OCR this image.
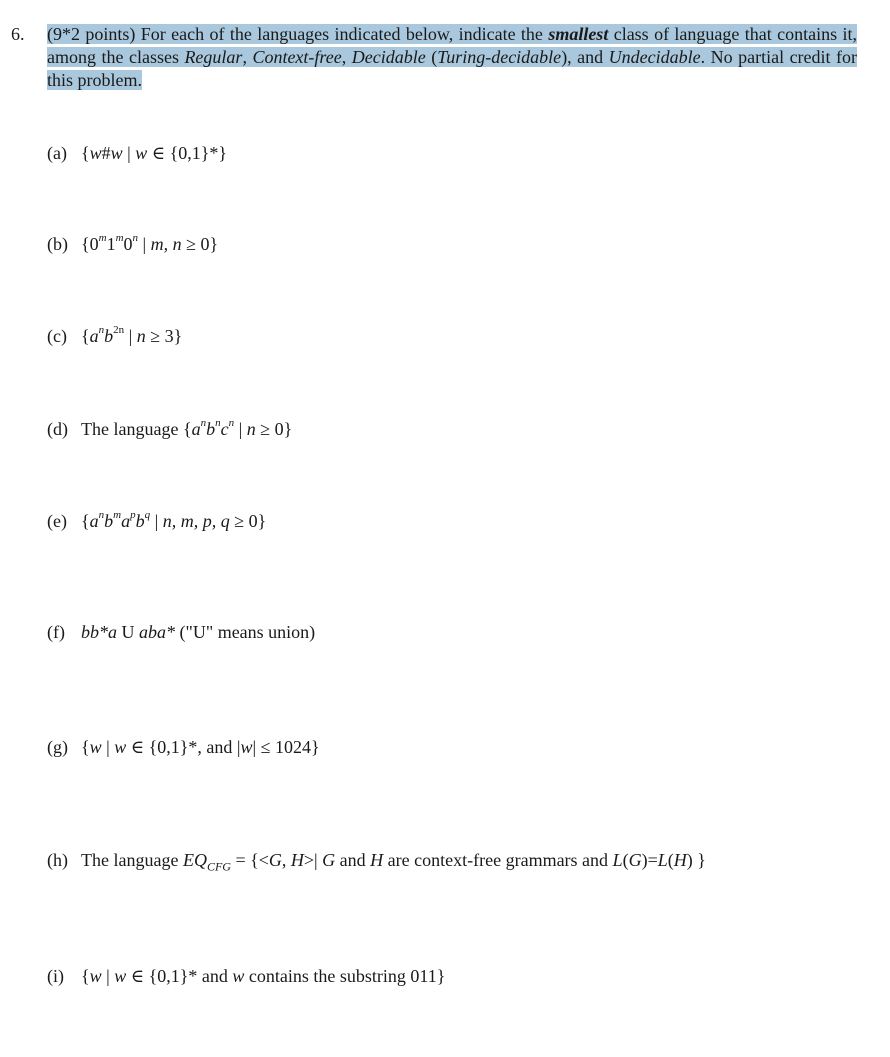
6. (9*2 points) For each of the languages indicated below, indicate the smallest class of language that contains it, among the classes Regular, Context-free, Decidable (Turing-decidable), and Undecidable. No partial credit for this problem.
(a) {w#w | w ∈ {0,1}*}
(b) {0$^m$1$^m$0$^n$ | m, n ≥ 0}
(c) {$a^nb^{2n}$ | n ≥ 3}
(d) The language {$a^nb^nc^n$ | n ≥ 0}
(e) {$a^nb^ma^pb^q$ | n, m, p, q ≥ 0}
(f) bb*a U aba* ("U" means union)
(g) {w | w ∈ {0,1}*, and |w| ≤ 1024}
(h) The language $EQ_{CFG} = \{<G$, H>| G and H are context-free grammars and L(G)=L(H) }
(i) {w | w ∈ {0,1}* and w contains the substring 011}
